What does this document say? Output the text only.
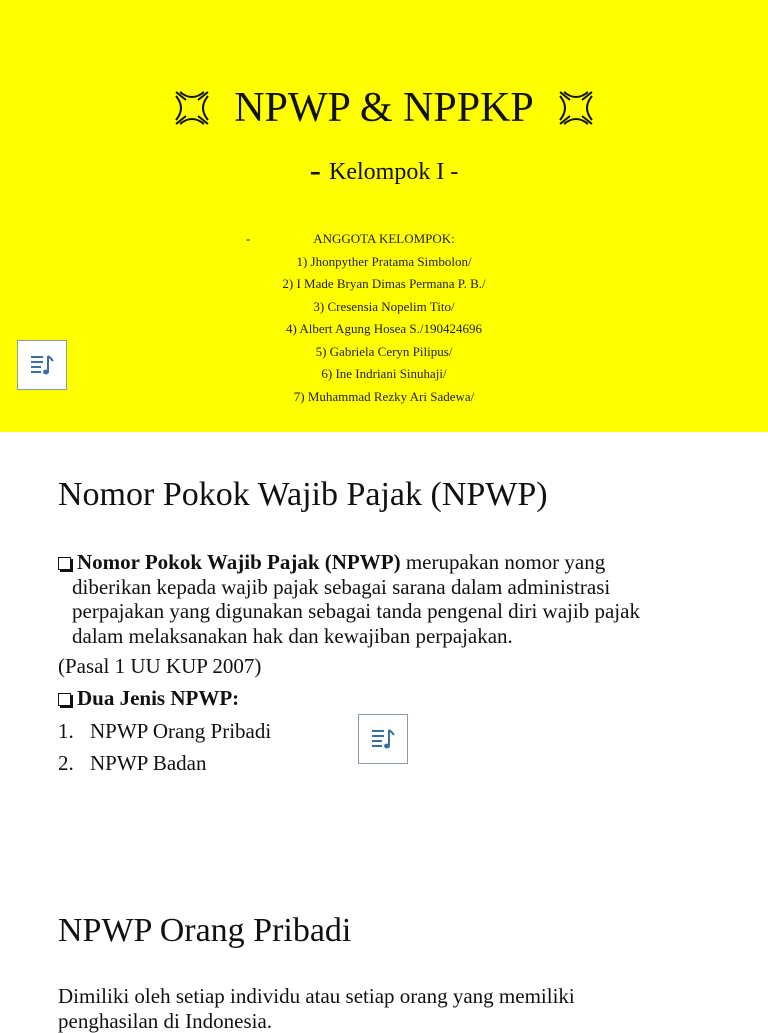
NPWP & NPPKP
- Kelompok I -
-	ANGGOTA KELOMPOK:
1) Jhonpyther Pratama Simbolon/
2) I Made Bryan Dimas Permana P. B./
3) Cresensia Nopelim Tito/
4) Albert Agung Hosea S./190424696
5) Gabriela Ceryn Pilipus/
6) Ine Indriani Sinuhaji/
7) Muhammad Rezky Ari Sadewa/
Nomor Pokok Wajib Pajak (NPWP)
Nomor Pokok Wajib Pajak (NPWP) merupakan nomor yang
diberikan kepada wajib pajak sebagai sarana dalam administrasi
perpajakan yang digunakan sebagai tanda pengenal diri wajib pajak
dalam melaksanakan hak dan kewajiban perpajakan.
(Pasal 1 UU KUP 2007)
Dua Jenis NPWP:
1. NPWP Orang Pribadi
2. NPWP Badan
NPWP Orang Pribadi
Dimiliki oleh setiap individu atau setiap orang yang memiliki
penghasilan di Indonesia.
